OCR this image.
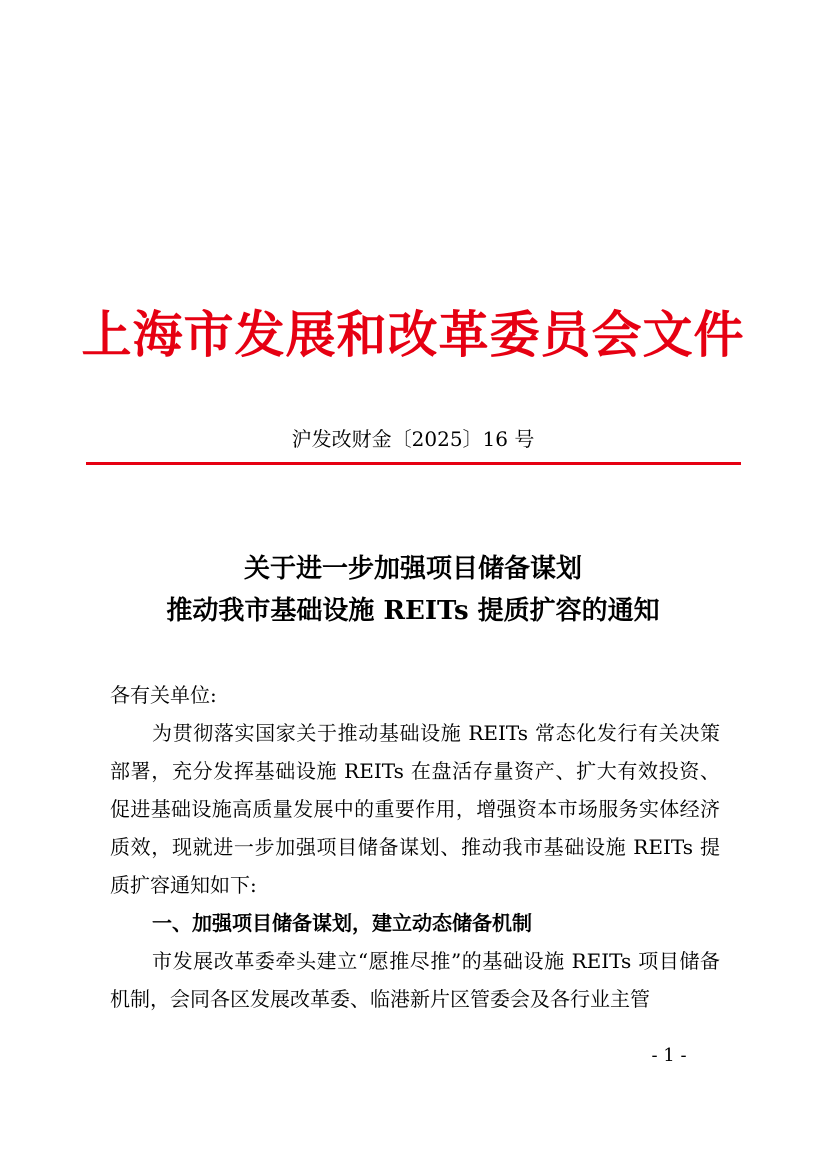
上海市发展和改革委员会文件
沪发改财金〔2025〕16 号
关于进一步加强项目储备谋划
推动我市基础设施 REITs 提质扩容的通知

各有关单位:

为贯彻落实国家关于推动基础设施 REITs 常态化发行有关决策部署，充分发挥基础设施 REITs 在盘活存量资产、扩大有效投资、促进基础设施高质量发展中的重要作用，增强资本市场服务实体经济质效，现就进一步加强项目储备谋划、推动我市基础设施 REITs 提质扩容通知如下:

一、加强项目储备谋划，建立动态储备机制

市发展改革委牵头建立“愿推尽推”的基础设施 REITs 项目储备机制，会同各区发展改革委、临港新片区管委会及各行业主管

- 1 -
